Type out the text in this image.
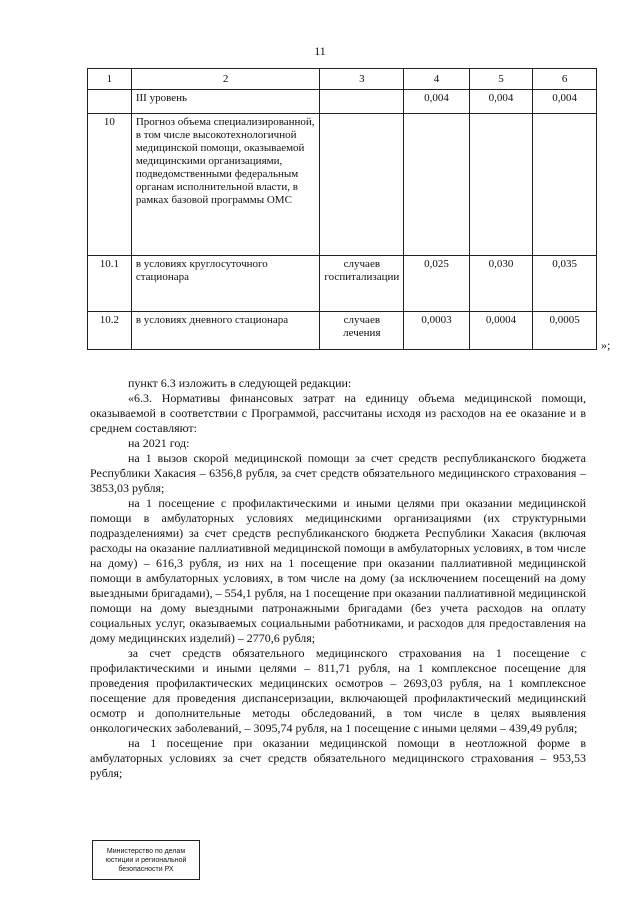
11
1	2	3	4	5	6
	III уровень		0,004	0,004	0,004
10	Прогноз объема специализированной, в том числе высокотехнологичной медицинской помощи, оказываемой медицинскими организациями, подведомственными федеральным органам исполнительной власти, в рамках базовой программы ОМС				
10.1	в условиях круглосуточного стационара	случаев госпитализации	0,025	0,030	0,035
10.2	в условиях дневного стационара	случаев лечения	0,0003	0,0004	0,0005
»;

пункт 6.3 изложить в следующей редакции:

«6.3. Нормативы финансовых затрат на единицу объема медицинской помощи, оказываемой в соответствии с Программой, рассчитаны исходя из расходов на ее оказание и в среднем составляют:

на 2021 год:

на 1 вызов скорой медицинской помощи за счет средств республиканского бюджета Республики Хакасия – 6356,8 рубля, за счет средств обязательного медицинского страхования – 3853,03 рубля;

на 1 посещение с профилактическими и иными целями при оказании медицинской помощи в амбулаторных условиях медицинскими организациями (их структурными подразделениями) за счет средств республиканского бюджета Республики Хакасия (включая расходы на оказание паллиативной медицинской помощи в амбулаторных условиях, в том числе на дому) – 616,3 рубля, из них на 1 посещение при оказании паллиативной медицинской помощи в амбулаторных условиях, в том числе на дому (за исключением посещений на дому выездными бригадами), – 554,1 рубля, на 1 посещение при оказании паллиативной медицинской помощи на дому выездными патронажными бригадами (без учета расходов на оплату социальных услуг, оказываемых социальными работниками, и расходов для предоставления на дому медицинских изделий) – 2770,6 рубля;

за счет средств обязательного медицинского страхования на 1 посещение с профилактическими и иными целями – 811,71 рубля, на 1 комплексное посещение для проведения профилактических медицинских осмотров – 2693,03 рубля, на 1 комплексное посещение для проведения диспансеризации, включающей профилактический медицинский осмотр и дополнительные методы обследований, в том числе в целях выявления онкологических заболеваний, – 3095,74 рубля, на 1 посещение с иными целями – 439,49 рубля;

на 1 посещение при оказании медицинской помощи в неотложной форме в амбулаторных условиях за счет средств обязательного медицинского страхования – 953,53 рубля;

Министерство по делам юстиции и региональной безопасности РХ
